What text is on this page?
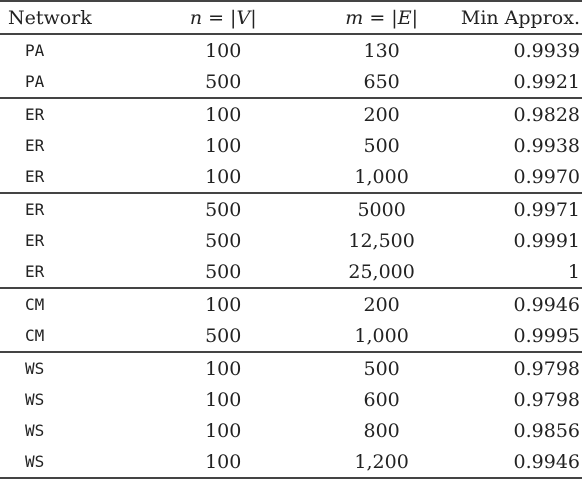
Network	n = |V|	m = |E|	Min Approx.
PA	100	130	0.9939
PA	500	650	0.9921
ER	100	200	0.9828
ER	100	500	0.9938
ER	100	1,000	0.9970
ER	500	5000	0.9971
ER	500	12,500	0.9991
ER	500	25,000	1
CM	100	200	0.9946
CM	500	1,000	0.9995
WS	100	500	0.9798
WS	100	600	0.9798
WS	100	800	0.9856
WS	100	1,200	0.9946
